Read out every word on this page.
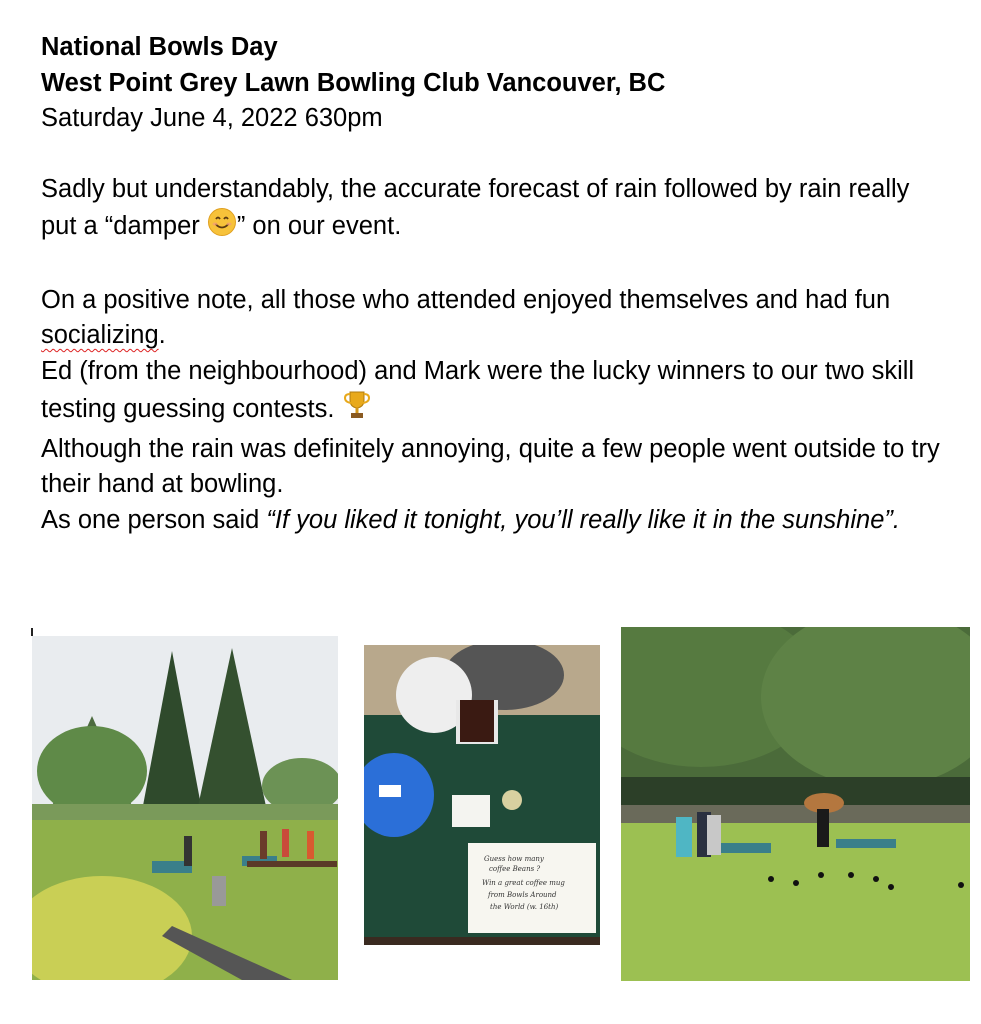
National Bowls Day
West Point Grey Lawn Bowling Club Vancouver, BC
Saturday June 4, 2022 630pm
Sadly but understandably, the accurate forecast of rain followed by rain really put a “damper ” on our event.
On a positive note, all those who attended enjoyed themselves and had fun socializing.
Ed (from the neighbourhood) and Mark were the lucky winners to our two skill testing guessing contests.
Although the rain was definitely annoying, quite a few people went outside to try their hand at bowling.
As one person said “If you liked it tonight, you’ll really like it in the sunshine”.
Guess how many
coffee Beans ?
Win a great coffee mug
from Bowls Around
the World (w. 16th)
